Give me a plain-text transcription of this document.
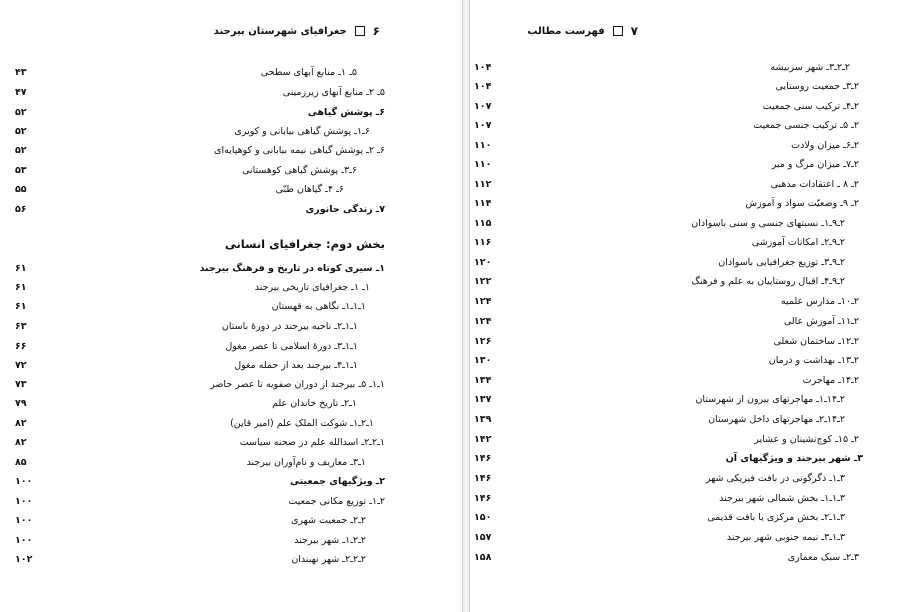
۶
جغرافیای شهرستان بیرجند
۵ـ ۱ـ منابع آبهای سطحی
۴۳
۵ـ ۲ـ منابع آبهای زیرزمینی
۴۷
۶ـ پوشش گیاهی
۵۲
۶ـ۱ـ پوشش گیاهی بیابانی و کویری
۵۲
۶ـ ۲ـ پوشش گیاهی نیمه بیابانی و کوهپایه‌ای
۵۲
۶ـ۳ـ پوشش گیاهی کوهستانی
۵۳
۶ـ ۴ـ گیاهان طبّی
۵۵
۷ـ زندگی جانوری
۵۶
بخش دوم: جغرافیای انسانی
۱ـ سیری کوتاه در تاریخ و فرهنگ بیرجند
۶۱
۱ـ ۱ـ جغرافیای تاریخی بیرجند
۶۱
۱ـ۱ـ۱ـ نگاهی به قهستان
۶۱
۱ـ۱ـ۲ـ ناحیه بیرجند در دورهٔ باستان
۶۳
۱ـ۱ـ۳ـ دورهٔ اسلامی تا عصر مغول
۶۶
۱ـ۱ـ۴ـ بیرجند بعد از حمله مغول
۷۲
۱ـ۱ـ ۵ـ بیرجند از دوران صفویه تا عصر حاضر
۷۳
۱ـ۲ـ تاریخ خاندان علم
۷۹
۱ـ۲ـ۱ـ شوکت الملک علم (امیر قاین)
۸۲
۱ـ۲ـ۲ـ اسدالله علم در صحنه سیاست
۸۲
۱ـ۳ـ معاریف و نام‌آوران بیرجند
۸۵
۲ـ ویژگیهای جمعیتی
۱۰۰
۲ـ۱ـ توزیع مکانی جمعیت
۱۰۰
۲ـ۲ـ جمعیت شهری
۱۰۰
۲ـ۲ـ۱ـ شهر بیرجند
۱۰۰
۲ـ۲ـ۲ـ شهر نهبندان
۱۰۲
۷
فهرست مطالب
۲ـ۲ـ۳ـ شهر سربیشه
۱۰۴
۲ـ۳ـ جمعیت روستایی
۱۰۴
۲ـ۴ـ ترکیب سنی جمعیت
۱۰۷
۲ـ ۵ـ ترکیب جنسی جمعیت
۱۰۷
۲ـ۶ـ میزان ولادت
۱۱۰
۲ـ۷ـ میزان مرگ و میر
۱۱۰
۲ـ ۸ ـ اعتقادات مذهبی
۱۱۲
۲ـ ۹ـ وضعیّت سواد و آموزش
۱۱۴
۲ـ۹ـ۱ـ نسبتهای جنسی و سنی باسوادان
۱۱۵
۲ـ۹ـ۲ـ امکانات آموزشی
۱۱۶
۲ـ۹ـ۳ـ توزیع جغرافیایی باسوادان
۱۲۰
۲ـ۹ـ۴ـ اقبال روستاییان به علم و فرهنگ
۱۲۲
۲ـ۱۰ـ مدارس علمیه
۱۲۴
۲ـ۱۱ـ آموزش عالی
۱۲۴
۲ـ۱۲ـ ساختمان شغلی
۱۲۶
۲ـ۱۳ـ بهداشت و درمان
۱۳۰
۲ـ۱۴ـ مهاجرت
۱۳۴
۲ـ۱۴ـ۱ـ مهاجرتهای بیرون از شهرستان
۱۳۷
۲ـ۱۴ـ۲ـ مهاجرتهای داخل شهرستان
۱۳۹
۲ـ ۱۵ـ کوچ‌نشینان و عشایر
۱۴۲
۳ـ شهر بیرجند و ویژگیهای آن
۱۴۶
۳ـ۱ـ دگرگونی در بافت فیزیکی شهر
۱۴۶
۳ـ۱ـ۱ـ بخش شمالی شهر بیرجند
۱۴۶
۳ـ۱ـ۲ـ بخش مرکزی یا بافت قدیمی
۱۵۰
۳ـ۱ـ۳ـ نیمه جنوبی شهر بیرجند
۱۵۷
۳ـ۲ـ سبک معماری
۱۵۸
